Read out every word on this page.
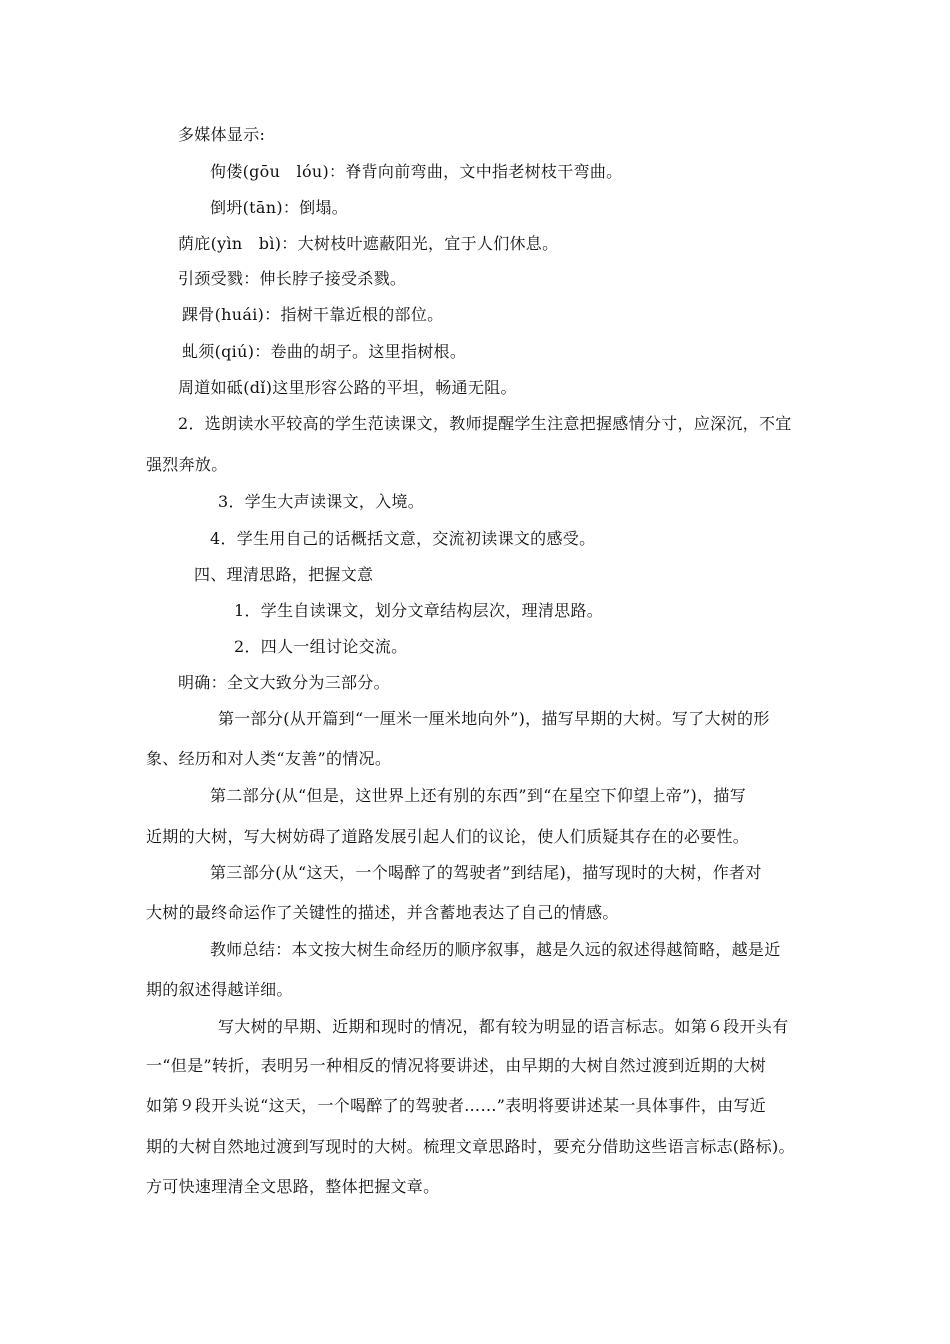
多媒体显示:
佝偻(gōu　lóu)：脊背向前弯曲，文中指老树枝干弯曲。
倒坍(tān)：倒塌。
荫庇(yìn　bì)：大树枝叶遮蔽阳光，宜于人们休息。
引颈受戮：伸长脖子接受杀戮。
踝骨(huái)：指树干靠近根的部位。
虬须(qiú)：卷曲的胡子。这里指树根。
周道如砥(dǐ)这里形容公路的平坦，畅通无阻。
2．选朗读水平较高的学生范读课文，教师提醒学生注意把握感情分寸，应深沉，不宜
强烈奔放。
3．学生大声读课文，入境。
4．学生用自己的话概括文意，交流初读课文的感受。
四、理清思路，把握文意
1．学生自读课文，划分文章结构层次，理清思路。
2．四人一组讨论交流。
明确：全文大致分为三部分。
第一部分(从开篇到“一厘米一厘米地向外”)，描写早期的大树。写了大树的形
象、经历和对人类“友善”的情况。
第二部分(从“但是，这世界上还有别的东西”到“在星空下仰望上帝”)，描写
近期的大树，写大树妨碍了道路发展引起人们的议论，使人们质疑其存在的必要性。
第三部分(从“这天，一个喝醉了的驾驶者”到结尾)，描写现时的大树，作者对
大树的最终命运作了关键性的描述，并含蓄地表达了自己的情感。
教师总结：本文按大树生命经历的顺序叙事，越是久远的叙述得越简略，越是近
期的叙述得越详细。
写大树的早期、近期和现时的情况，都有较为明显的语言标志。如第６段开头有
一“但是”转折，表明另一种相反的情况将要讲述，由早期的大树自然过渡到近期的大树
如第９段开头说“这天，一个喝醉了的驾驶者……”表明将要讲述某一具体事件，由写近
期的大树自然地过渡到写现时的大树。梳理文章思路时，要充分借助这些语言标志(路标)。
方可快速理清全文思路，整体把握文章。
